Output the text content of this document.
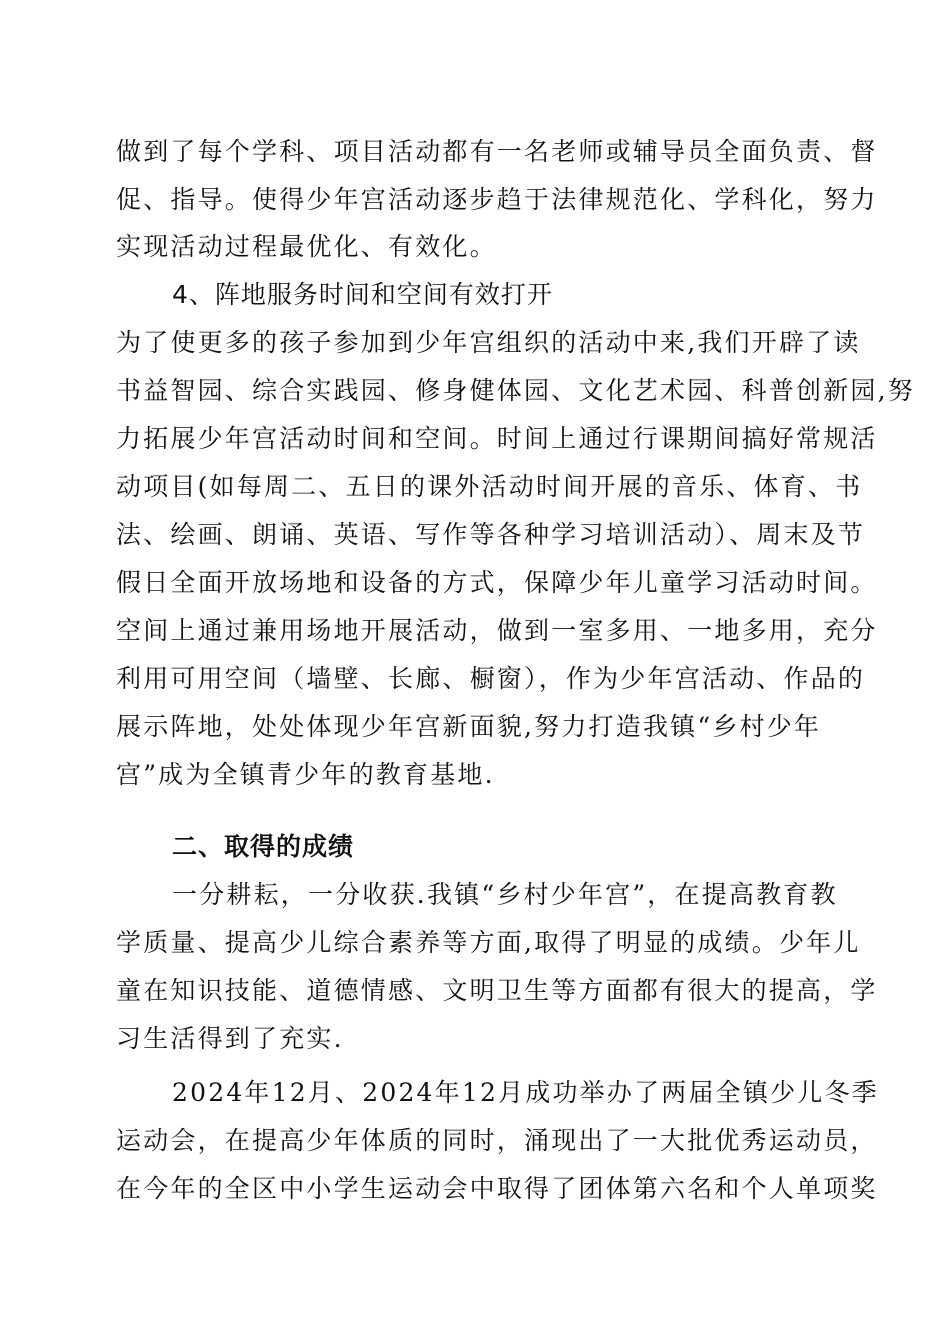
做到了每个学科、项目活动都有一名老师或辅导员全面负责、督

促、指导。使得少年宫活动逐步趋于法律规范化、学科化，努力

实现活动过程最优化、有效化。

4、阵地服务时间和空间有效打开

为了使更多的孩子参加到少年宫组织的活动中来,我们开辟了读

书益智园、综合实践园、修身健体园、文化艺术园、科普创新园,努

力拓展少年宫活动时间和空间。时间上通过行课期间搞好常规活

动项目(如每周二、五日的课外活动时间开展的音乐、体育、书

法、绘画、朗诵、英语、写作等各种学习培训活动）、周末及节

假日全面开放场地和设备的方式，保障少年儿童学习活动时间。

空间上通过兼用场地开展活动，做到一室多用、一地多用，充分

利用可用空间（墙壁、长廊、橱窗），作为少年宫活动、作品的

展示阵地，处处体现少年宫新面貌,努力打造我镇“乡村少年

宫”成为全镇青少年的教育基地.

二、取得的成绩

一分耕耘，一分收获.我镇“乡村少年宫”，在提高教育教

学质量、提高少儿综合素养等方面,取得了明显的成绩。少年儿

童在知识技能、道德情感、文明卫生等方面都有很大的提高，学

习生活得到了充实.

2024年12月、2024年12月成功举办了两届全镇少儿冬季

运动会，在提高少年体质的同时，涌现出了一大批优秀运动员，

在今年的全区中小学生运动会中取得了团体第六名和个人单项奖
